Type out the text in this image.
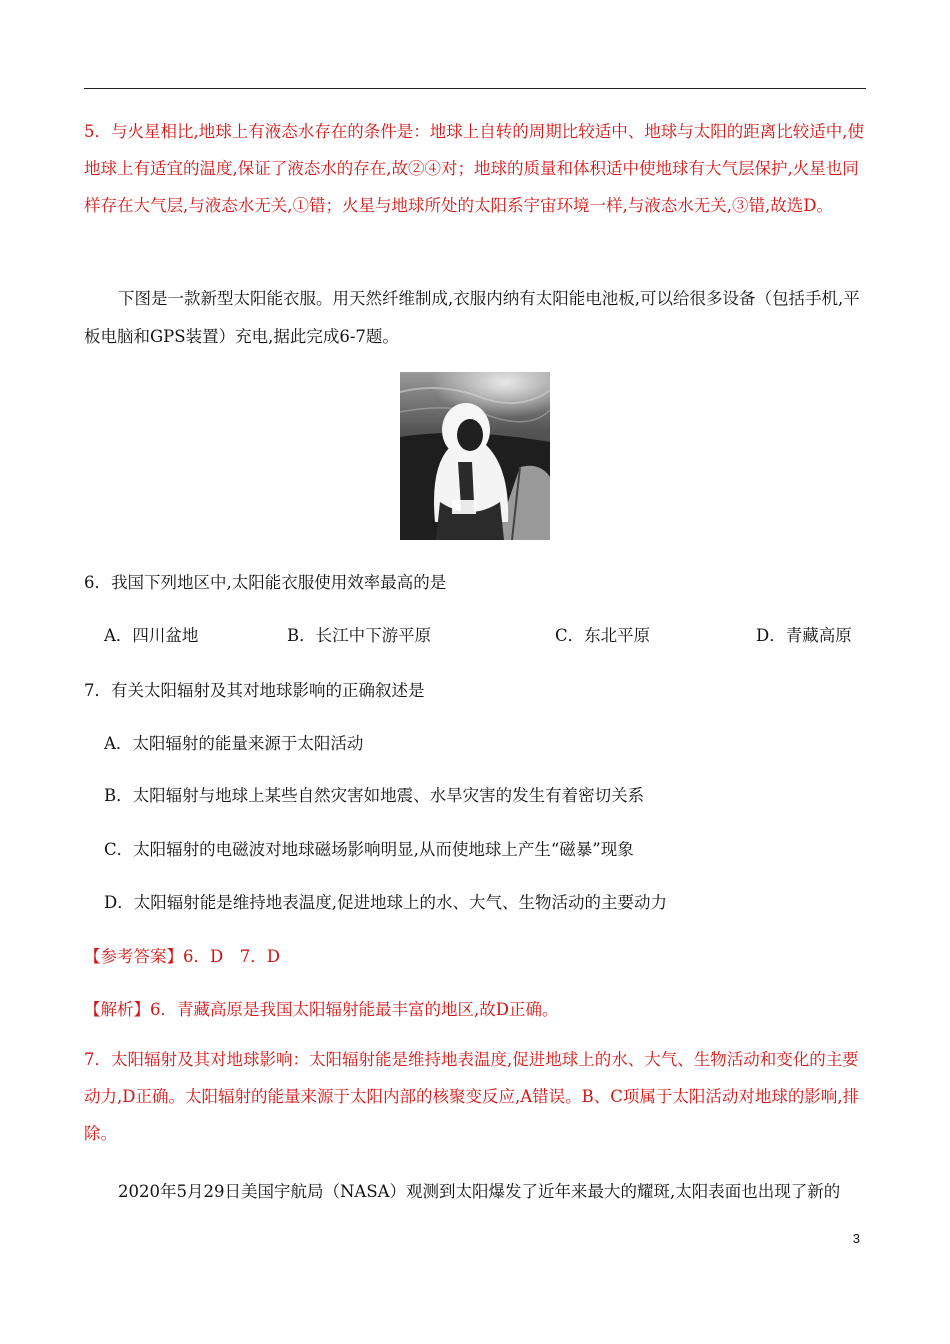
5．与火星相比,地球上有液态水存在的条件是：地球上自转的周期比较适中、地球与太阳的距离比较适中,使地球上有适宜的温度,保证了液态水的存在,故②④对；地球的质量和体积适中使地球有大气层保护,火星也同样存在大气层,与液态水无关,①错；火星与地球所处的太阳系宇宙环境一样,与液态水无关,③错,故选D。

下图是一款新型太阳能衣服。用天然纤维制成,衣服内纳有太阳能电池板,可以给很多设备（包括手机,平板电脑和GPS装置）充电,据此完成6-7题。

6．我国下列地区中,太阳能衣服使用效率最高的是
A．四川盆地	B．长江中下游平原	C．东北平原	D．青藏高原
7．有关太阳辐射及其对地球影响的正确叙述是
A．太阳辐射的能量来源于太阳活动
B．太阳辐射与地球上某些自然灾害如地震、水旱灾害的发生有着密切关系
C．太阳辐射的电磁波对地球磁场影响明显,从而使地球上产生“磁暴”现象
D．太阳辐射能是维持地表温度,促进地球上的水、大气、生物活动的主要动力
【参考答案】6．D　7．D
【解析】6．青藏高原是我国太阳辐射能最丰富的地区,故D正确。

7．太阳辐射及其对地球影响：太阳辐射能是维持地表温度,促进地球上的水、大气、生物活动和变化的主要动力,D正确。太阳辐射的能量来源于太阳内部的核聚变反应,A错误。B、C项属于太阳活动对地球的影响,排除。

2020年5月29日美国宇航局（NASA）观测到太阳爆发了近年来最大的耀斑,太阳表面也出现了新的
3
